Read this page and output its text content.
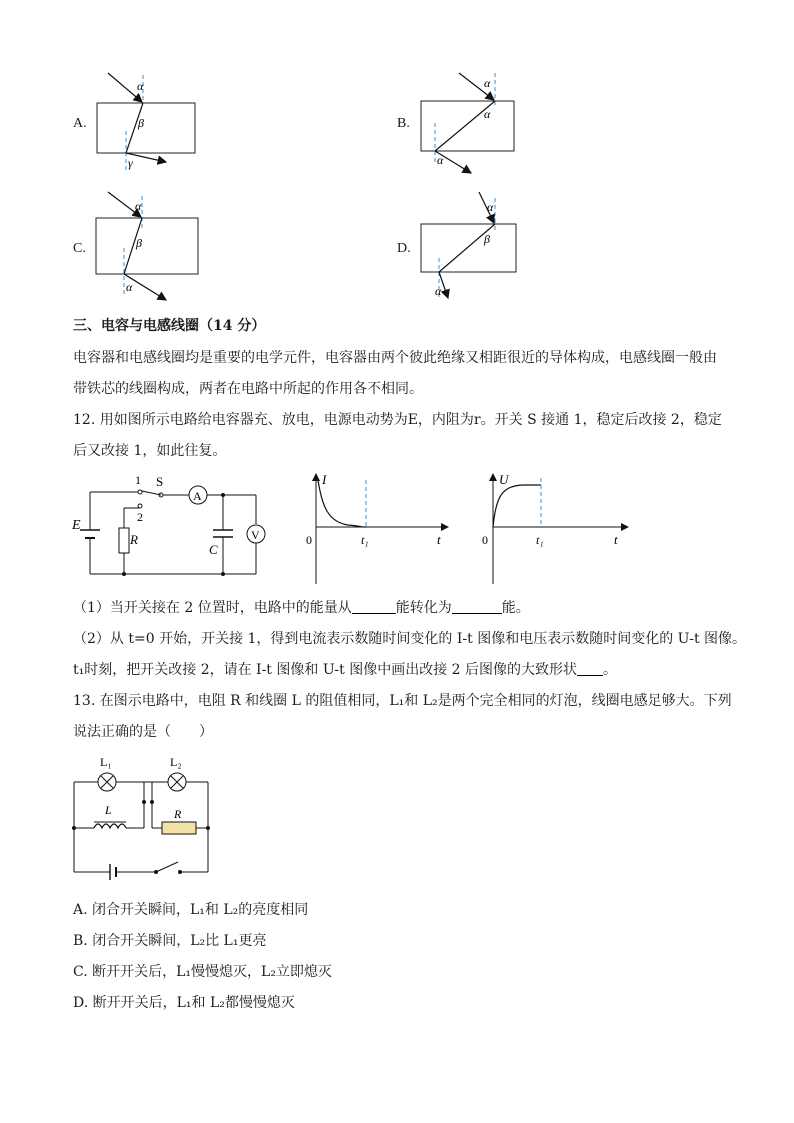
A.
α
β
γ
B.
α
α
α
C.
α
β
α
D.
α
β
α
三、电容与电感线圈（14 分）
电容器和电感线圈均是重要的电学元件，电容器由两个彼此绝缘又相距很近的导体构成，电感线圈一般由
带铁芯的线圈构成，两者在电路中所起的作用各不相同。
12. 用如图所示电路给电容器充、放电，电源电动势为E，内阻为r。开关 S 接通 1，稳定后改接 2，稳定
后又改接 1，如此往复。
E
1 S
2
R
A
C
V
I
t
0	t₁
U
t
0	t₁
（1）当开关接在 2 位置时，电路中的能量从	能转化为	能。
（2）从 t=0 开始，开关接 1，得到电流表示数随时间变化的 I-t 图像和电压表示数随时间变化的 U-t 图像。
t₁时刻，把开关改接 2，请在 I-t 图像和 U-t 图像中画出改接 2 后图像的大致形状 。
13. 在图示电路中，电阻 R 和线圈 L 的阻值相同，L₁和 L₂是两个完全相同的灯泡，线圈电感足够大。下列
说法正确的是（　　）
L₁	L₂
L	R
A. 闭合开关瞬间，L₁和 L₂的亮度相同
B. 闭合开关瞬间，L₂比 L₁更亮
C. 断开开关后，L₁慢慢熄灭，L₂立即熄灭
D. 断开开关后，L₁和 L₂都慢慢熄灭
